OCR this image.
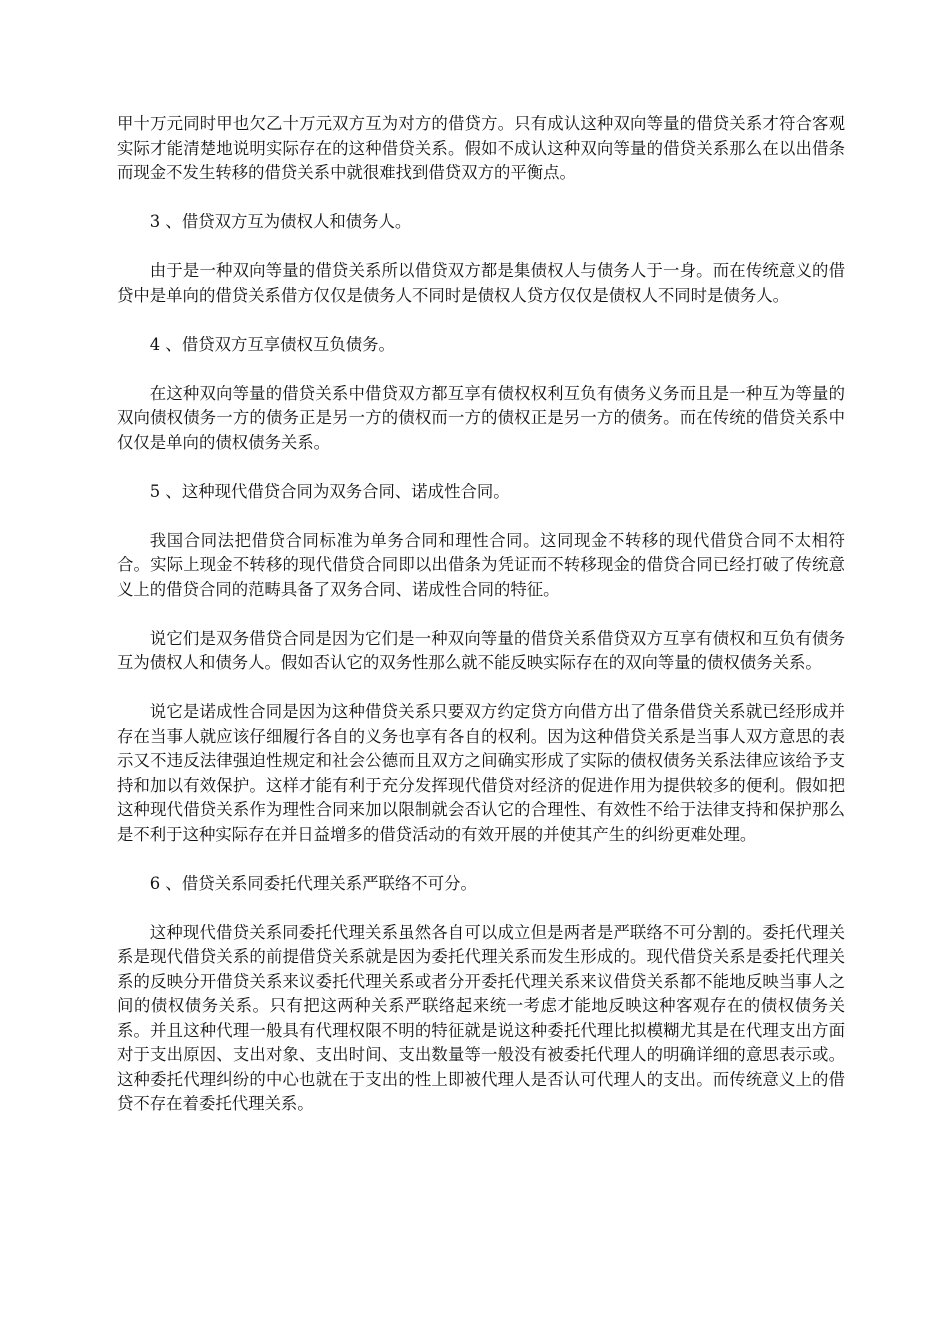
甲十万元同时甲也欠乙十万元双方互为对方的借贷方。只有成认这种双向等量的借贷关系才符合客观实际才能清楚地说明实际存在的这种借贷关系。假如不成认这种双向等量的借贷关系那么在以出借条而现金不发生转移的借贷关系中就很难找到借贷双方的平衡点。

3 、借贷双方互为债权人和债务人。

由于是一种双向等量的借贷关系所以借贷双方都是集债权人与债务人于一身。而在传统意义的借贷中是单向的借贷关系借方仅仅是债务人不同时是债权人贷方仅仅是债权人不同时是债务人。

4 、借贷双方互享债权互负债务。

在这种双向等量的借贷关系中借贷双方都互享有债权权利互负有债务义务而且是一种互为等量的双向债权债务一方的债务正是另一方的债权而一方的债权正是另一方的债务。而在传统的借贷关系中仅仅是单向的债权债务关系。

5 、这种现代借贷合同为双务合同、诺成性合同。

我国合同法把借贷合同标准为单务合同和理性合同。这同现金不转移的现代借贷合同不太相符合。实际上现金不转移的现代借贷合同即以出借条为凭证而不转移现金的借贷合同已经打破了传统意义上的借贷合同的范畴具备了双务合同、诺成性合同的特征。

说它们是双务借贷合同是因为它们是一种双向等量的借贷关系借贷双方互享有债权和互负有债务互为债权人和债务人。假如否认它的双务性那么就不能反映实际存在的双向等量的债权债务关系。

说它是诺成性合同是因为这种借贷关系只要双方约定贷方向借方出了借条借贷关系就已经形成并存在当事人就应该仔细履行各自的义务也享有各自的权利。因为这种借贷关系是当事人双方意思的表示又不违反法律强迫性规定和社会公德而且双方之间确实形成了实际的债权债务关系法律应该给予支持和加以有效保护。这样才能有利于充分发挥现代借贷对经济的促进作用为提供较多的便利。假如把这种现代借贷关系作为理性合同来加以限制就会否认它的合理性、有效性不给于法律支持和保护那么是不利于这种实际存在并日益增多的借贷活动的有效开展的并使其产生的纠纷更难处理。

6 、借贷关系同委托代理关系严联络不可分。

这种现代借贷关系同委托代理关系虽然各自可以成立但是两者是严联络不可分割的。委托代理关系是现代借贷关系的前提借贷关系就是因为委托代理关系而发生形成的。现代借贷关系是委托代理关系的反映分开借贷关系来议委托代理关系或者分开委托代理关系来议借贷关系都不能地反映当事人之间的债权债务关系。只有把这两种关系严联络起来统一考虑才能地反映这种客观存在的债权债务关系。并且这种代理一般具有代理权限不明的特征就是说这种委托代理比拟模糊尤其是在代理支出方面对于支出原因、支出对象、支出时间、支出数量等一般没有被委托代理人的明确详细的意思表示或。这种委托代理纠纷的中心也就在于支出的性上即被代理人是否认可代理人的支出。而传统意义上的借贷不存在着委托代理关系。
